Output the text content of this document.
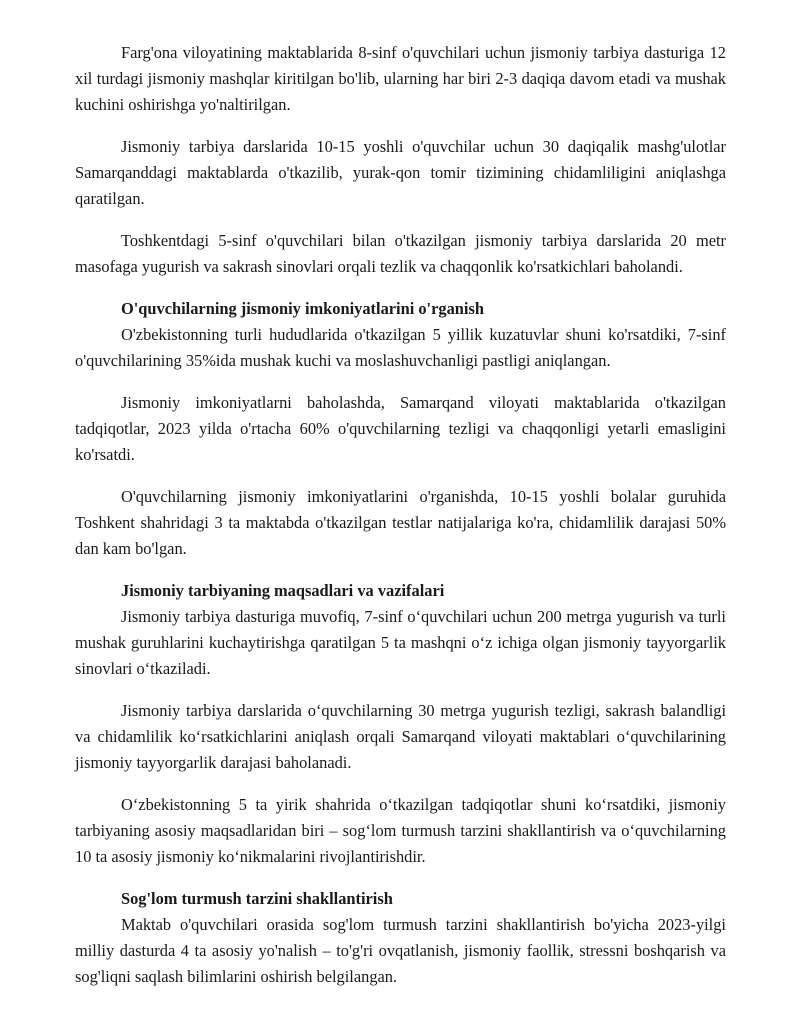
Farg'ona viloyatining maktablarida 8-sinf o'quvchilari uchun jismoniy tarbiya dasturiga 12 xil turdagi jismoniy mashqlar kiritilgan bo'lib, ularning har biri 2-3 daqiqa davom etadi va mushak kuchini oshirishga yo'naltirilgan.

Jismoniy tarbiya darslarida 10-15 yoshli o'quvchilar uchun 30 daqiqalik mashg'ulotlar Samarqanddagi maktablarda o'tkazilib, yurak-qon tomir tizimining chidamliligini aniqlashga qaratilgan.

Toshkentdagi 5-sinf o'quvchilari bilan o'tkazilgan jismoniy tarbiya darslarida 20 metr masofaga yugurish va sakrash sinovlari orqali tezlik va chaqqonlik ko'rsatkichlari baholandi.

O'quvchilarning jismoniy imkoniyatlarini o'rganish

O'zbekistonning turli hududlarida o'tkazilgan 5 yillik kuzatuvlar shuni ko'rsatdiki, 7-sinf o'quvchilarining 35%ida mushak kuchi va moslashuvchanligi pastligi aniqlangan.

Jismoniy imkoniyatlarni baholashda, Samarqand viloyati maktablarida o'tkazilgan tadqiqotlar, 2023 yilda o'rtacha 60% o'quvchilarning tezligi va chaqqonligi yetarli emasligini ko'rsatdi.

O'quvchilarning jismoniy imkoniyatlarini o'rganishda, 10-15 yoshli bolalar guruhida Toshkent shahridagi 3 ta maktabda o'tkazilgan testlar natijalariga ko'ra, chidamlilik darajasi 50% dan kam bo'lgan.

Jismoniy tarbiyaning maqsadlari va vazifalari

Jismoniy tarbiya dasturiga muvofiq, 7-sinf o‘quvchilari uchun 200 metrga yugurish va turli mushak guruhlarini kuchaytirishga qaratilgan 5 ta mashqni o‘z ichiga olgan jismoniy tayyorgarlik sinovlari o‘tkaziladi.

Jismoniy tarbiya darslarida o‘quvchilarning 30 metrga yugurish tezligi, sakrash balandligi va chidamlilik ko‘rsatkichlarini aniqlash orqali Samarqand viloyati maktablari o‘quvchilarining jismoniy tayyorgarlik darajasi baholanadi.

O‘zbekistonning 5 ta yirik shahrida o‘tkazilgan tadqiqotlar shuni ko‘rsatdiki, jismoniy tarbiyaning asosiy maqsadlaridan biri – sog‘lom turmush tarzini shakllantirish va o‘quvchilarning 10 ta asosiy jismoniy ko‘nikmalarini rivojlantirishdir.

Sog'lom turmush tarzini shakllantirish

Maktab o'quvchilari orasida sog'lom turmush tarzini shakllantirish bo'yicha 2023-yilgi milliy dasturda 4 ta asosiy yo'nalish – to'g'ri ovqatlanish, jismoniy faollik, stressni boshqarish va sog'liqni saqlash bilimlarini oshirish belgilangan.
